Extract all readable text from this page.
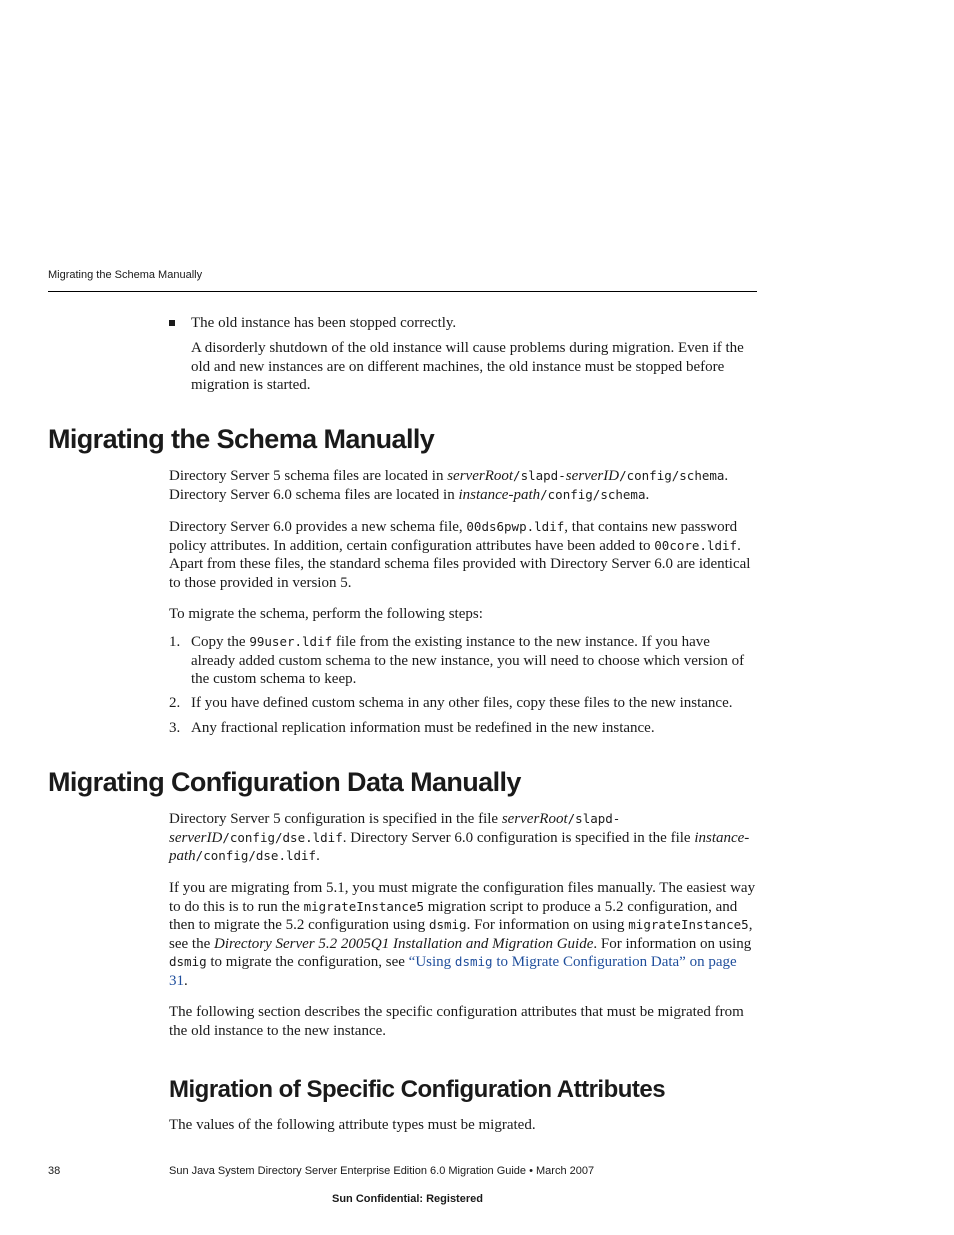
Migrating the Schema Manually

The old instance has been stopped correctly.

A disorderly shutdown of the old instance will cause problems during migration. Even if the old and new instances are on different machines, the old instance must be stopped before migration is started.

Migrating the Schema Manually

Directory Server 5 schema files are located in serverRoot/slapd-serverID/config/schema. Directory Server 6.0 schema files are located in instance-path/config/schema.

Directory Server 6.0 provides a new schema file, 00ds6pwp.ldif, that contains new password policy attributes. In addition, certain configuration attributes have been added to 00core.ldif. Apart from these files, the standard schema files provided with Directory Server 6.0 are identical to those provided in version 5.

To migrate the schema, perform the following steps:

1. Copy the 99user.ldif file from the existing instance to the new instance. If you have already added custom schema to the new instance, you will need to choose which version of the custom schema to keep.

2. If you have defined custom schema in any other files, copy these files to the new instance.

3. Any fractional replication information must be redefined in the new instance.

Migrating Configuration Data Manually

Directory Server 5 configuration is specified in the file serverRoot/slapd-serverID/config/dse.ldif. Directory Server 6.0 configuration is specified in the file instance-path/config/dse.ldif.

If you are migrating from 5.1, you must migrate the configuration files manually. The easiest way to do this is to run the migrateInstance5 migration script to produce a 5.2 configuration, and then to migrate the 5.2 configuration using dsmig. For information on using migrateInstance5, see the Directory Server 5.2 2005Q1 Installation and Migration Guide. For information on using dsmig to migrate the configuration, see “Using dsmig to Migrate Configuration Data” on page 31.

The following section describes the specific configuration attributes that must be migrated from the old instance to the new instance.

Migration of Specific Configuration Attributes

The values of the following attribute types must be migrated.

38	Sun Java System Directory Server Enterprise Edition 6.0 Migration Guide • March 2007
Sun Confidential: Registered
